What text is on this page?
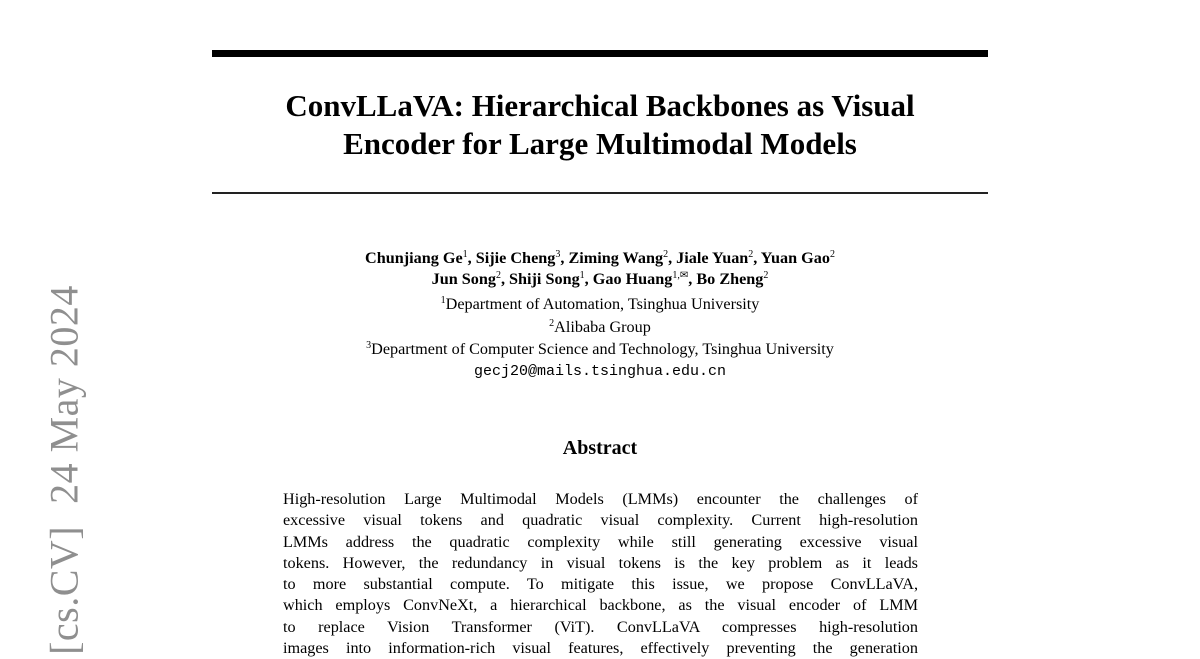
[cs.CV]24 May 2024
ConvLLaVA: Hierarchical Backbones as Visual
Encoder for Large Multimodal Models
Chunjiang Ge$^1$, Sijie Cheng$^3$, Ziming Wang$^2$, Jiale Yuan$^2$, Yuan Gao$^2$
Jun Song$^2$, Shiji Song$^1$, Gao Huang$^{1,✉}$, Bo Zheng$^2$
$^1$Department of Automation, Tsinghua University
$^2$Alibaba Group
$^3$Department of Computer Science and Technology, Tsinghua University
gecj20@mails.tsinghua.edu.cn
Abstract
High-resolution Large Multimodal Models (LMMs) encounter the challenges of
excessive visual tokens and quadratic visual complexity. Current high-resolution
LMMs address the quadratic complexity while still generating excessive visual
tokens. However, the redundancy in visual tokens is the key problem as it leads
to more substantial compute. To mitigate this issue, we propose ConvLLaVA,
which employs ConvNeXt, a hierarchical backbone, as the visual encoder of LMM
to replace Vision Transformer (ViT). ConvLLaVA compresses high-resolution
images into information-rich visual features, effectively preventing the generation
